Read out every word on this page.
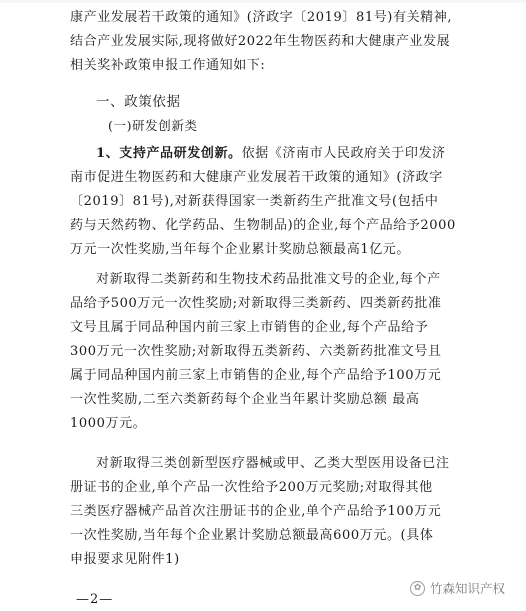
康产业发展若干政策的通知》(济政字〔2019〕81号)有关精神,
结合产业发展实际,现将做好2022年生物医药和大健康产业发展
相关奖补政策申报工作通知如下:
一、政策依据
(一)研发创新类
1、支持产品研发创新。依据《济南市人民政府关于印发济
南市促进生物医药和大健康产业发展若干政策的通知》(济政字
〔2019〕81号),对新获得国家一类新药生产批准文号(包括中
药与天然药物、化学药品、生物制品)的企业,每个产品给予2000
万元一次性奖励,当年每个企业累计奖励总额最高1亿元。
对新取得二类新药和生物技术药品批准文号的企业,每个产
品给予500万元一次性奖励;对新取得三类新药、四类新药批准
文号且属于同品种国内前三家上市销售的企业,每个产品给予
300万元一次性奖励;对新取得五类新药、六类新药批准文号且
属于同品种国内前三家上市销售的企业,每个产品给予100万元
一次性奖励,二至六类新药每个企业当年累计奖励总额 最高
1000万元。
对新取得三类创新型医疗器械或甲、乙类大型医用设备已注
册证书的企业,单个产品一次性给予200万元奖励;对取得其他
三类医疗器械产品首次注册证书的企业,单个产品给予100万元
一次性奖励,当年每个企业累计奖励总额最高600万元。(具体
申报要求见附件1)
✿ 竹森知识产权
—2—
